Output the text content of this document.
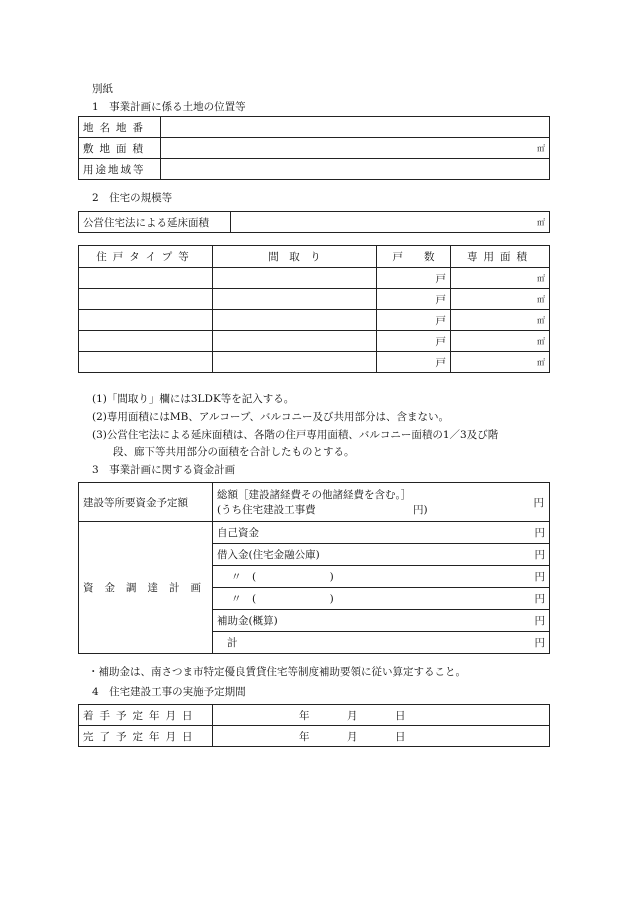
別紙
1　事業計画に係る土地の位置等
地名地番	
敷地面積	㎡
用途地域等	
2　住宅の規模等
公営住宅法による延床面積	㎡
住戸タイプ等	間　取　り	戸　　数	専用面積
		戸	㎡
		戸	㎡
		戸	㎡
		戸	㎡
		戸	㎡
(1)「間取り」欄には3LDK等を記入する。
(2)専用面積にはMB、アルコーブ、バルコニー及び共用部分は、含まない。
(3)公営住宅法による延床面積は、各階の住戸専用面積、バルコニー面積の1／3及び階
段、廊下等共用部分の面積を合計したものとする。
3　事業計画に関する資金計画
建設等所要資金予定額	総額［建設諸経費その他諸経費を含む。］
(うち住宅建設工事費 円)
円

資金調達計画	自己資金 円

	借入金(住宅金融公庫) 円

	〃　(　　　　　　　) 円

	〃　(　　　　　　　) 円

	補助金(概算) 円

	計 円
・補助金は、南さつま市特定優良賃貸住宅等制度補助要領に従い算定すること。
4　住宅建設工事の実施予定期間
着手予定年月日	年 月 日

完了予定年月日	年 月 日
